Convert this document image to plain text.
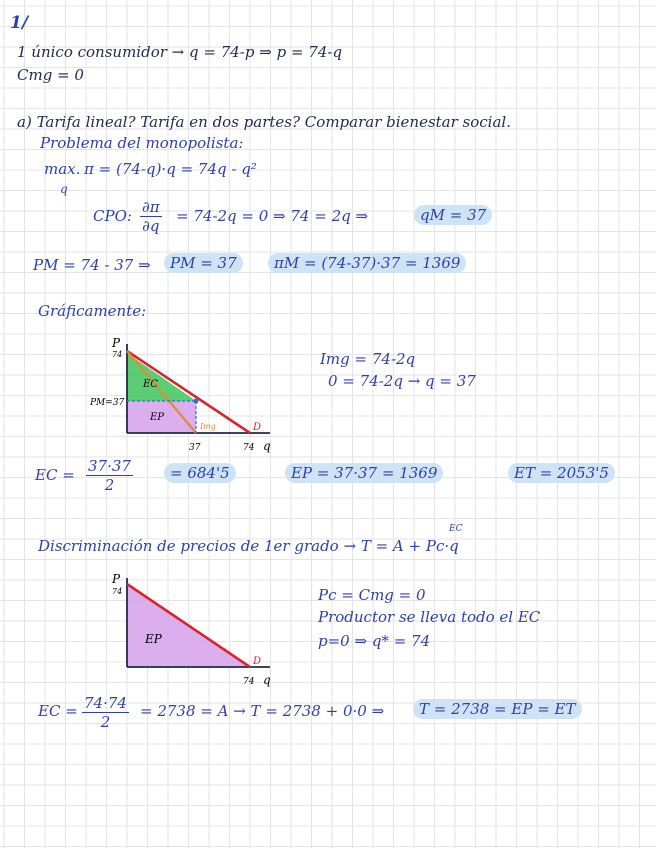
1/
1 único consumidor → q = 74-p ⇒ p = 74-q
Cmg = 0
a) Tarifa lineal? Tarifa en dos partes? Comparar bienestar social.
Problema del monopolista:
max.
q
π = (74-q)·q = 74q - q²
CPO: $\frac{\partial\pi}{\partial q} = 74-2q = 0$ ⇒ 74 = 2q ⇒	qM = 37
PM = 74 - 37 ⇒	PM = 37	πM = (74-37)·37 = 1369
Gráficamente:
P
74
PM=37
EC
EP
Img	D
37	74 q
Img = 74-2q
0 = 74-2q → q = 37
EC = $\frac{37\cdot 37}{2}$	= 684'5	EP = 37·37 = 1369	ET = 2053'5
EC
Discriminación de precios de 1er grado → T = A + Pc·q
P
74
EP
D
74 q
Pc = Cmg = 0
Productor se lleva todo el EC
p=0 ⇒ q* = 74
EC = $\frac{74\cdot 74}{2} = 2738 = A \to T = 2738 + 0\cdot 0$ ⇒	T = 2738 = EP = ET
